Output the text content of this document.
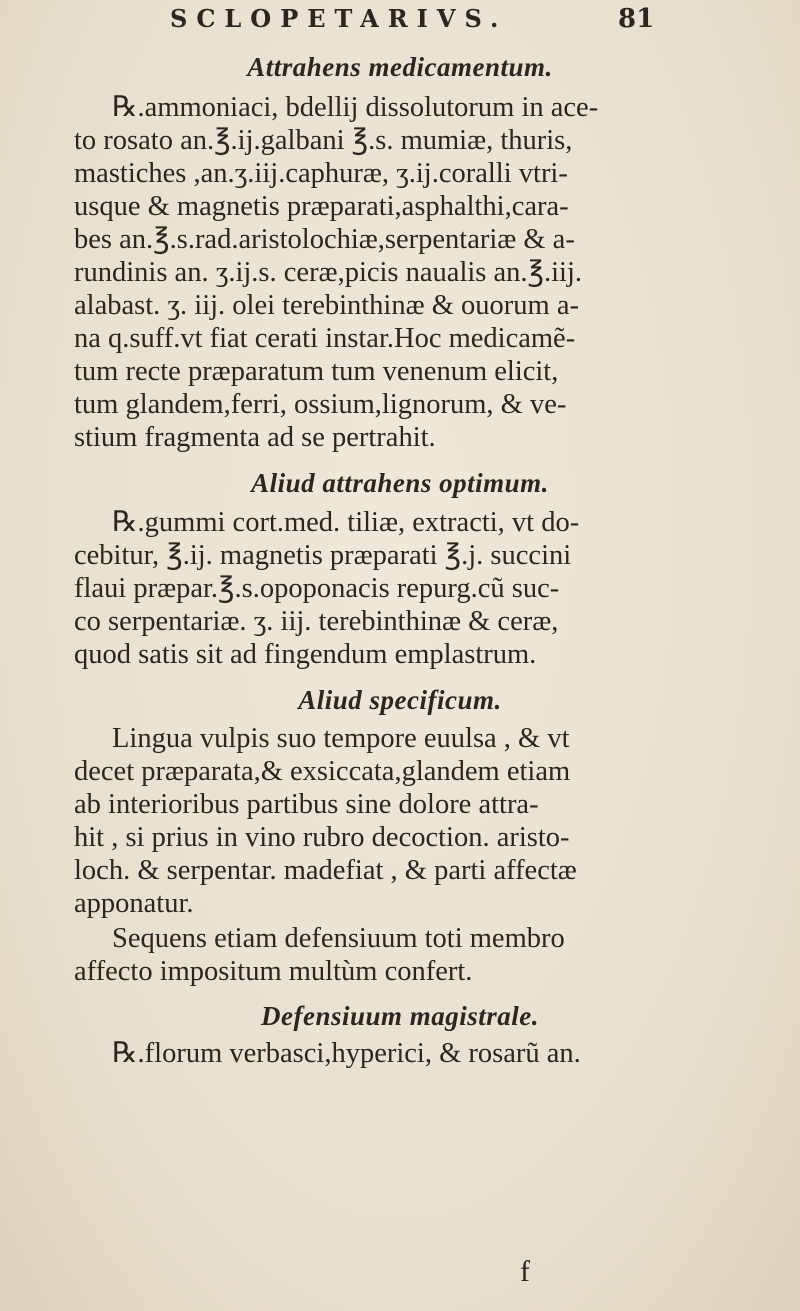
SCLOPETARIVS.	81
Attrahens medicamentum.
℞.ammoniaci, bdellij dissolutorum in ace-
to rosato an.℥.ij.galbani ℥.s. mumiæ, thuris,
mastiches ,an.ʒ.iij.caphuræ, ʒ.ij.coralli vtri-
usque & magnetis præparati,asphalthi,cara-
bes an.℥.s.rad.aristolochiæ,serpentariæ & a-
rundinis an. ʒ.ij.s. ceræ,picis naualis an.℥.iij.
alabast. ʒ. iij. olei terebinthinæ & ouorum a-
na q.suff.vt fiat cerati instar.Hoc medicamẽ-
tum recte præparatum tum venenum elicit,
tum glandem,ferri, ossium,lignorum, & ve-
stium fragmenta ad se pertrahit.
Aliud attrahens optimum.
℞.gummi cort.med. tiliæ, extracti, vt do-
cebitur, ℥.ij. magnetis præparati ℥.j. succini
flaui præpar.℥.s.opoponacis repurg.cũ suc-
co serpentariæ. ʒ. iij. terebinthinæ & ceræ,
quod satis sit ad fingendum emplastrum.
Aliud specificum.
Lingua vulpis suo tempore euulsa , & vt
decet præparata,& exsiccata,glandem etiam
ab interioribus partibus sine dolore attra-
hit , si prius in vino rubro decoction. aristo-
loch. & serpentar. madefiat , & parti affectæ
apponatur.
Sequens etiam defensiuum toti membro
affecto impositum multùm confert.
Defensiuum magistrale.
℞.florum verbasci,hyperici, & rosarũ an.
f
